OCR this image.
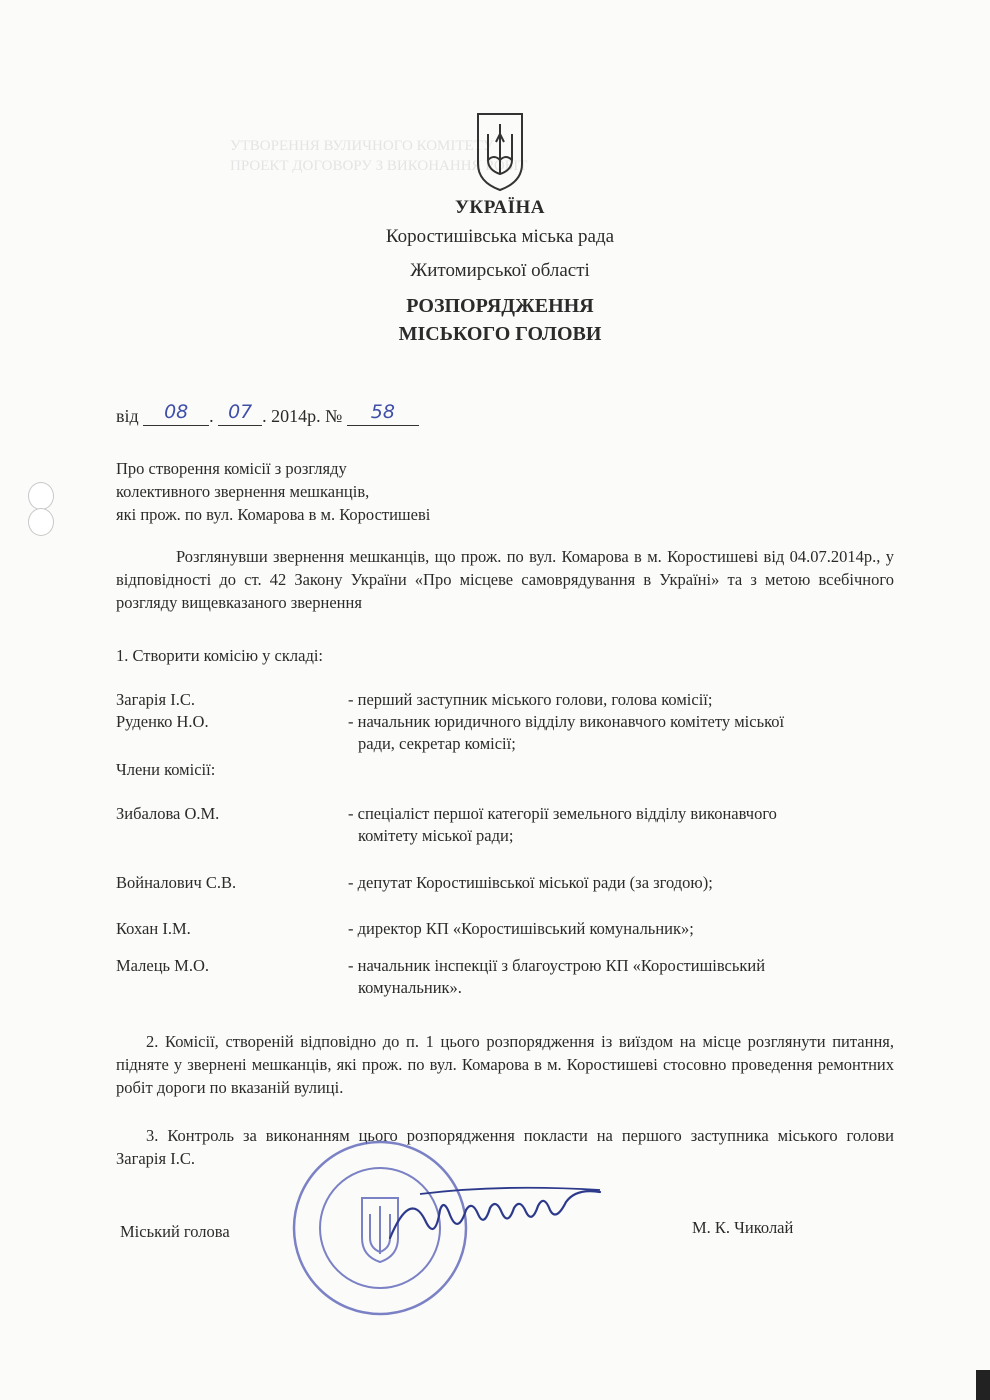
УТВОРЕННЯ ВУЛИЧНОГО КОМІТЕТУ
ПРОЕКТ ДОГОВОРУ З ВИКОНАННЯ РОБІТ
УКРАЇНА
Коростишівська міська рада
Житомирської області
РОЗПОРЯДЖЕННЯ
МІСЬКОГО ГОЛОВИ
від 08 . 07 . 2014р. № 58
Про створення комісії з розгляду
колективного звернення мешканців,
які прож. по вул. Комарова в м. Коростишеві
Розглянувши звернення мешканців, що прож. по вул. Комарова в м. Коростишеві від 04.07.2014р., у відповідності до ст. 42 Закону України «Про місцеве самоврядування в Україні» та з метою всебічного розгляду вищевказаного звернення
1. Створити комісію у складі:
Загарія І.С.	- перший заступник міського голови, голова комісії;
Руденко Н.О.	- начальник юридичного відділу виконавчого комітету міської
ради, секретар комісії;
Члени комісії:
Зибалова О.М.	- спеціаліст першої категорії земельного відділу виконавчого
комітету міської ради;
Войналович С.В.	- депутат Коростишівської міської ради (за згодою);
Кохан І.М.	- директор КП «Коростишівський комунальник»;
Малець М.О.	- начальник інспекції з благоустрою КП «Коростишівський
комунальник».
2. Комісії, створеній відповідно до п. 1 цього розпорядження із виїздом на місце розглянути питання, підняте у звернені мешканців, які прож. по вул. Комарова в м. Коростишеві стосовно проведення ремонтних робіт дороги по вказаній вулиці.
3. Контроль за виконанням цього розпорядження покласти на першого заступника міського голови Загарія І.С.
Міський голова	М. К. Чиколай
